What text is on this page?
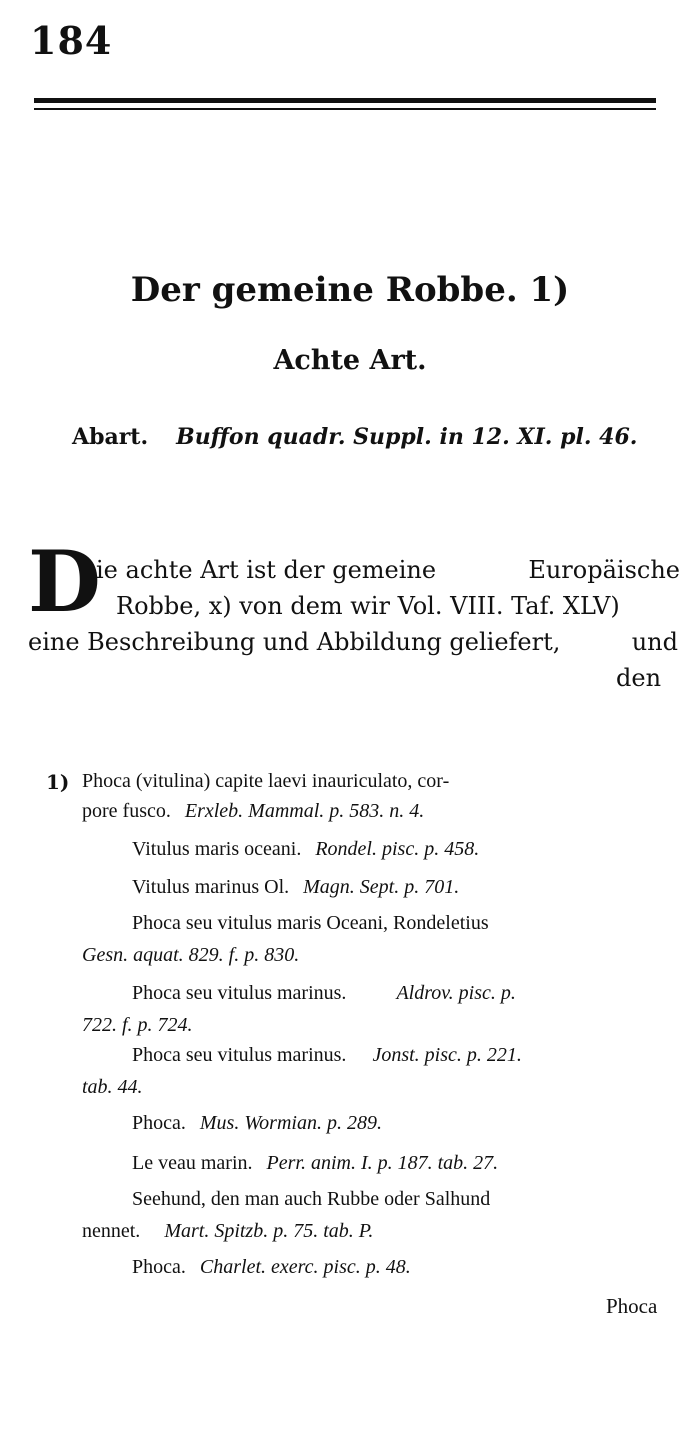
184
Der gemeine Robbe. 1)
Achte Art.
Abart. Buffon quadr. Suppl. in 12. XI. pl. 46.
D
ie achte Art ist der gemeine	Europäische
Robbe, x) von dem wir Vol. VIII. Taf. XLV)
eine Beschreibung und Abbildung geliefert,	und
den
1) Phoca (vitulina) capite laevi inauriculato, cor-
pore fusco. Erxleb. Mammal. p. 583. n. 4.
Vitulus maris oceani. Rondel. pisc. p. 458.
Vitulus marinus Ol. Magn. Sept. p. 701.
Phoca seu vitulus maris Oceani, Rondeletius
Gesn. aquat. 829. f. p. 830.
Phoca seu vitulus marinus.	Aldrov. pisc. p.
722. f. p. 724.
Phoca seu vitulus marinus. Jonst. pisc. p. 221.
tab. 44.
Phoca. Mus. Wormian. p. 289.
Le veau marin. Perr. anim. I. p. 187. tab. 27.
Seehund, den man auch Rubbe oder Salhund
nennet. Mart. Spitzb. p. 75. tab. P.
Phoca. Charlet. exerc. pisc. p. 48.
Phoca
